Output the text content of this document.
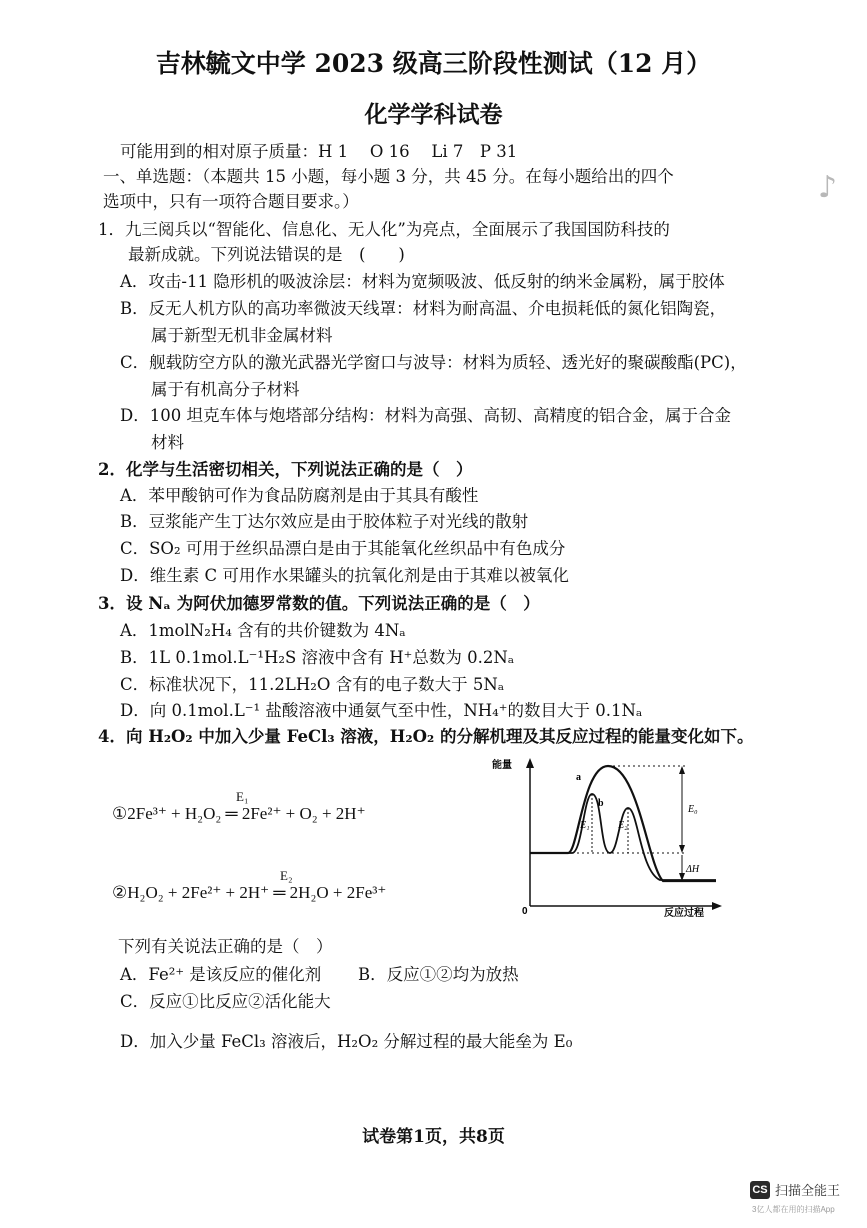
吉林毓文中学 2023 级高三阶段性测试（12 月）
化学学科试卷
可能用到的相对原子质量：H 1　 O 16　 Li 7　P 31
一、单选题：（本题共 15 小题，每小题 3 分，共 45 分。在每小题给出的四个
选项中，只有一项符合题目要求。）	♪
1．九三阅兵以“智能化、信息化、无人化”为亮点，全面展示了我国国防科技的
最新成就。下列说法错误的是　(　　)
A．攻击-11 隐形机的吸波涂层：材料为宽频吸波、低反射的纳米金属粉，属于胶体
B．反无人机方队的高功率微波天线罩：材料为耐高温、介电损耗低的氮化铝陶瓷，
属于新型无机非金属材料
C．舰载防空方队的激光武器光学窗口与波导：材料为质轻、透光好的聚碳酸酯(PC)，
属于有机高分子材料
D．100 坦克车体与炮塔部分结构：材料为高强、高韧、高精度的铝合金，属于合金
材料
2．化学与生活密切相关，下列说法正确的是（　）
A．苯甲酸钠可作为食品防腐剂是由于其具有酸性
B．豆浆能产生丁达尔效应是由于胶体粒子对光线的散射
C．SO₂ 可用于丝织品漂白是由于其能氧化丝织品中有色成分
D．维生素 C 可用作水果罐头的抗氧化剂是由于其难以被氧化
3．设 Nₐ 为阿伏加德罗常数的值。下列说法正确的是（　）
A．1molN₂H₄ 含有的共价键数为 4Nₐ
B．1L 0.1mol.L⁻¹H₂S 溶液中含有 H⁺总数为 0.2Nₐ
C．标准状况下，11.2LH₂O 含有的电子数大于 5Nₐ
D．向 0.1mol.L⁻¹ 盐酸溶液中通氨气至中性，NH₄⁺的数目大于 0.1Nₐ
4．向 H₂O₂ 中加入少量 FeCl₃ 溶液，H₂O₂ 的分解机理及其反应过程的能量变化如下。
E₁
①2Fe³⁺ + H₂O₂ ═ 2Fe²⁺ + O₂ + 2H⁺
E₂
②H₂O₂ + 2Fe²⁺ + 2H⁺ ═ 2H₂O + 2Fe³⁺
能量
0	反应过程
a
b
E₁	E₂
E₀
ΔH
下列有关说法正确的是（　）
A．Fe²⁺ 是该反应的催化剂 B．反应①②均为放热
C．反应①比反应②活化能大
D．加入少量 FeCl₃ 溶液后，H₂O₂ 分解过程的最大能垒为 E₀
试卷第1页，共8页
CS 扫描全能王
3亿人都在用的扫描App
